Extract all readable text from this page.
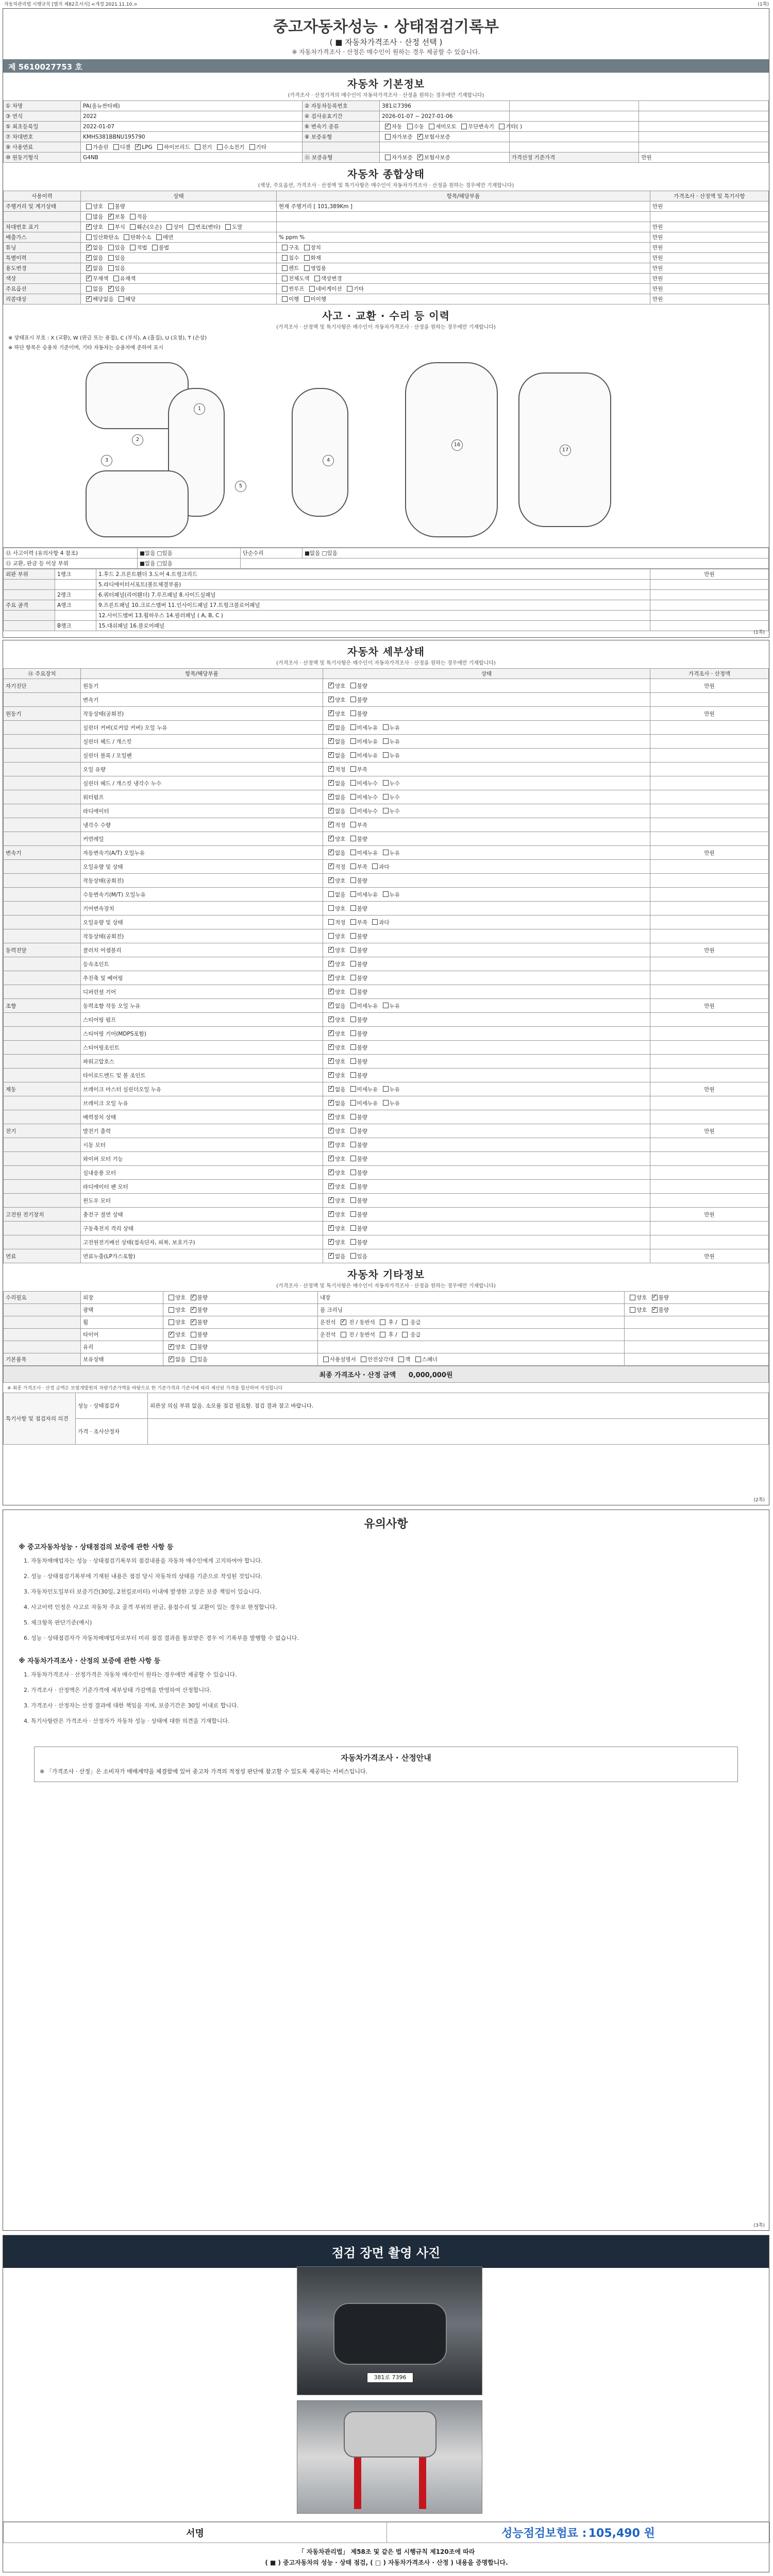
자동차관리법 시행규칙 [별지 제82호서식] <개정 2021.11.10.>	(1쪽)
중고자동차성능 · 상태점검기록부
( ■ 자동차가격조사 · 산정 선택 )
※ 자동차가격조사 · 산정은 매수인이 원하는 경우 제공할 수 있습니다.
제 5610027753 호
자동차 기본정보
(가격조사 · 산정가격의 매수인이 자동차가격조사 · 산정을 원하는 경우에만 기재합니다)
① 차명	PA(올뉴싼타페)	② 자동차등록번호	381로7396		
③ 연식	2022	④ 검사유효기간	2026-01-07 ~ 2027-01-06		
⑤ 최초등록일	2022-01-07	⑥ 변속기 종류	✓자동 수동 세미오토 무단변속기 기타( )		
⑦ 차대번호	KMHS381BBNU195790	⑧ 보증유형	자가보증 ✓보험사보증		
⑨ 사용연료	가솔린 디젤 ✓LPG 하이브리드 전기 수소전기 기타				
⑩ 원동기형식	G4NB	⑪ 보증유형	자가보증 ✓보험사보증	가격산정 기준가격	만원
자동차 종합상태
(색상, 주요옵션, 가격조사 · 산정액 및 특기사항은 매수인이 자동차가격조사 · 산정을 원하는 경우에만 기재합니다)
사용이력	상태	항목/해당부품	가격조사 · 산정액 및 특기사항
주행거리 및 계기상태	양호 불량	현재 주행거리 [ 101,389Km ]	만원
	많음 ✓보통 적음		
차대번호 표기	✓양호 부식 훼손(오손) 상이 변조(변타) 도말		만원
배출가스	일산화탄소 탄화수소 매연	% ppm %	만원
튜닝	✓없음 있음 적법 불법	구조 장치	만원
특별이력	✓없음 있음	침수 화재	만원
용도변경	✓없음 있음	렌트 영업용	만원
색상	✓무채색 유채색	전체도색 색상변경	만원
주요옵션	없음 ✓있음	썬루프 네비게이션 기타	만원
리콜대상	✓해당없음 해당	이행 미이행	만원
사고 · 교환 · 수리 등 이력
(가격조사 · 산정액 및 특기사항은 매수인이 자동차가격조사 · 산정을 원하는 경우에만 기재합니다)
※ 상태표시 부호 : X (교환), W (판금 또는 용접), C (부식), A (흠집), U (요철), T (손상)
※ 하단 항목은 승용차 기준이며, 기타 자동차는 승용차에 준하여 표시
1
2
3	4
5
16
17
⑫ 사고이력 (유의사항 4 참조)	■없음 □있음	단순수리	■없음 □있음
⑬ 교환, 판금 등 이상 부위	■없음 □있음		
외판 부위	1랭크	1.후드 2.프론트휀더 3.도어 4.트렁크리드	만원
		5.라디에이터서포트(볼트체결부품)	
	2랭크	6.쿼터패널(리어휀더) 7.루프패널 8.사이드실패널	
주요 골격	A랭크	9.프론트패널 10.크로스멤버 11.인사이드패널 17.트렁크플로어패널	
		12.사이드멤버 13.휠하우스 14.필러패널 ( A, B, C )	
	B랭크	15.대쉬패널 16.플로어패널	
(1쪽)
자동차 세부상태
(가격조사 · 산정액 및 특기사항은 매수인이 자동차가격조사 · 산정을 원하는 경우에만 기재합니다)
⑭ 주요장치	항목/해당부품	상태	가격조사 · 산정액
자기진단	원동기	✓양호 불량	만원
	변속기	✓양호 불량	
원동기	작동상태(공회전)	✓양호 불량	만원
	실린더 커버(로커암 커버) 오일 누유	✓없음 미세누유 누유	
	실린더 헤드 / 개스킷	✓없음 미세누유 누유	
	실린더 블록 / 오일팬	✓없음 미세누유 누유	
	오일 유량	✓적정 부족	
	실린더 헤드 / 개스킷 냉각수 누수	✓없음 미세누수 누수	
	워터펌프	✓없음 미세누수 누수	
	라디에이터	✓없음 미세누수 누수	
	냉각수 수량	✓적정 부족	
	커먼레일	✓양호 불량	
변속기	자동변속기(A/T) 오일누유	✓없음 미세누유 누유	만원
	오일유량 및 상태	✓적정 부족 과다	
	작동상태(공회전)	✓양호 불량	
	수동변속기(M/T) 오일누유	없음 미세누유 누유	
	기어변속장치	양호 불량	
	오일유량 및 상태	적정 부족 과다	
	작동상태(공회전)	양호 불량	
동력전달	클러치 어셈블리	✓양호 불량	만원
	등속조인트	✓양호 불량	
	추진축 및 베어링	✓양호 불량	
	디퍼런셜 기어	✓양호 불량	
조향	동력조향 작동 오일 누유	✓없음 미세누유 누유	만원
	스티어링 펌프	✓양호 불량	
	스티어링 기어(MDPS포함)	✓양호 불량	
	스티어링조인트	✓양호 불량	
	파워고압호스	✓양호 불량	
	타이로드엔드 및 볼 조인트	✓양호 불량	
제동	브레이크 마스터 실린더오일 누유	✓없음 미세누유 누유	만원
	브레이크 오일 누유	✓없음 미세누유 누유	
	배력장치 상태	✓양호 불량	
전기	발전기 출력	✓양호 불량	만원
	시동 모터	✓양호 불량	
	와이퍼 모터 기능	✓양호 불량	
	실내송풍 모터	✓양호 불량	
	라디에이터 팬 모터	✓양호 불량	
	윈도우 모터	✓양호 불량	
고전원 전기장치	충전구 절연 상태	✓양호 불량	만원
	구동축전지 격리 상태	✓양호 불량	
	고전원전기배선 상태(접속단자, 피복, 보호기구)	✓양호 불량	
연료	연료누출(LP가스포함)	✓없음 있음	만원
자동차 기타정보
(가격조사 · 산정액 및 특기사항은 매수인이 자동차가격조사 · 산정을 원하는 경우에만 기재합니다)
수리필요	외장	양호 ✓불량	내장	양호 ✓불량
	광택	양호 ✓불량	룸 크리닝	양호 ✓불량
	휠	양호 ✓불량	운전석 ✓ 전 / 동반석  후 /  응급	
	타이어	✓양호 불량	운전석  전 / 동반석  후 /  응급	
	유리	✓양호 불량		
기본품목	보유상태	✓없음 있음	사용설명서 안전삼각대 잭 스패너	
최종 가격조사 · 산정 금액 0,000,000원
※ 최종 가격조사 · 산정 금액은 보험개발원의 차량기준가액을 바탕으로 한 기준가격과 기준서에 따라 계산된 가격을 합산하여 작성합니다
특기사항 및 점검자의 의견	성능 · 상태점검자	외관상 의심 부위 없음. 소모품 점검 필요함. 점검 결과 참고 바랍니다.
	가격 · 조사산정자	
(2쪽)
유의사항
※ 중고자동차성능 · 상태점검의 보증에 관한 사항 등
1. 자동차매매업자는 성능 · 상태점검기록부의 점검내용을 자동차 매수인에게 고지하여야 합니다.
2. 성능 · 상태점검기록부에 기재된 내용은 점검 당시 자동차의 상태를 기준으로 작성된 것입니다.
3. 자동차인도일부터 보증기간(30일, 2천킬로미터) 이내에 발생한 고장은 보증 책임이 있습니다.
4. 사고이력 인정은 사고로 자동차 주요 골격 부위의 판금, 용접수리 및 교환이 있는 경우로 한정합니다.
5. 체크항목 판단기준(예시)
6. 성능 · 상태점검자가 자동차매매업자로부터 미리 점검 결과를 통보받은 경우 이 기록부를 발행할 수 없습니다.
※ 자동차가격조사 · 산정의 보증에 관한 사항 등
1. 자동차가격조사 · 산정가격은 자동차 매수인이 원하는 경우에만 제공할 수 있습니다.
2. 가격조사 · 산정액은 기준가격에 세부상태 가감액을 반영하여 산정합니다.
3. 가격조사 · 산정자는 산정 결과에 대한 책임을 지며, 보증기간은 30일 이내로 합니다.
4. 특기사항란은 가격조사 · 산정자가 자동차 성능 · 상태에 대한 의견을 기재합니다.
자동차가격조사 · 산정안내
※ 「가격조사 · 산정」은 소비자가 매매계약을 체결함에 있어 중고차 가격의 적정성 판단에 참고할 수 있도록 제공하는 서비스입니다.
(3쪽)
점검 장면 촬영 사진
381로 7396
서명	성능점검보험료 : 105,490 원
「 자동차관리법」 제58조 및 같은 법 시행규칙 제120조에 따라
( ■ ) 중고자동차의 성능 · 상태 점검, ( □ ) 자동차가격조사 · 산정 ) 내용을 증명합니다.
